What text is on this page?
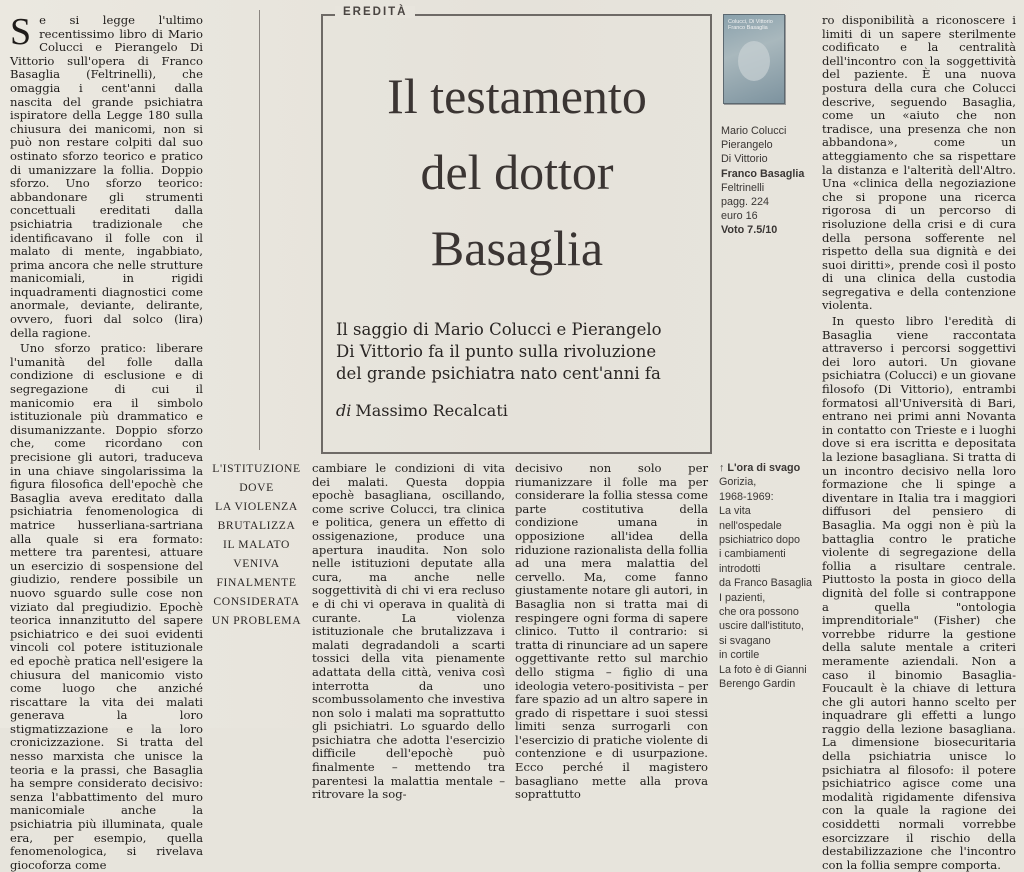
Se si legge l'ultimo recentissimo libro di Mario Colucci e Pierangelo Di Vittorio sull'opera di Franco Basaglia (Feltrinelli), che omaggia i cent'anni dalla nascita del grande psichiatra ispiratore della Legge 180 sulla chiusura dei manicomi, non si può non restare colpiti dal suo ostinato sforzo teorico e pratico di umanizzare la follia. Doppio sforzo. Uno sforzo teorico: abbandonare gli strumenti concettuali ereditati dalla psichiatria tradizionale che identificavano il folle con il malato di mente, ingabbiato, prima ancora che nelle strutture manicomiali, in rigidi inquadramenti diagnostici come anormale, deviante, delirante, ovvero, fuori dal solco (lira) della ragione.

Uno sforzo pratico: liberare l'umanità del folle dalla condizione di esclusione e di segregazione di cui il manicomio era il simbolo istituzionale più drammatico e disumanizzante. Doppio sforzo che, come ricordano con precisione gli autori, traduceva in una chiave singolarissima la figura filosofica dell'epochè che Basaglia aveva ereditato dalla psichiatria fenomenologica di matrice husserliana-sartriana alla quale si era formato: mettere tra parentesi, attuare un esercizio di sospensione del giudizio, rendere possibile un nuovo sguardo sulle cose non viziato dal pregiudizio. Epochè teorica innanzitutto del sapere psichiatrico e dei suoi evidenti vincoli col potere istituzionale ed epochè pratica nell'esigere la chiusura del manicomio visto come luogo che anziché riscattare la vita dei malati generava la loro stigmatizzazione e la loro cronicizzazione. Si tratta del nesso marxista che unisce la teoria e la prassi, che Basaglia ha sempre considerato decisivo: senza l'abbattimento del muro manicomiale anche la psichiatria più illuminata, quale era, per esempio, quella fenomenologica, si rivelava giocoforza come

EREDITÀ
Il testamento
del dottor
Basaglia
Il saggio di Mario Colucci e Pierangelo
Di Vittorio fa il punto sulla rivoluzione
del grande psichiatra nato cent'anni fa
di Massimo Recalcati
Colucci, Di Vittorio
Franco Basaglia
Mario Colucci
Pierangelo
Di Vittorio
Franco Basaglia
Feltrinelli
pagg. 224
euro 16
Voto 7.5/10
L'ISTITUZIONE
DOVE
LA VIOLENZA
BRUTALIZZA
IL MALATO
VENIVA
FINALMENTE
CONSIDERATA
UN PROBLEMA

cambiare le condizioni di vita dei malati. Questa doppia epochè basagliana, oscillando, come scrive Colucci, tra clinica e politica, genera un effetto di ossigenazione, produce una apertura inaudita. Non solo nelle istituzioni deputate alla cura, ma anche nelle soggettività di chi vi era recluso e di chi vi operava in qualità di curante. La violenza istituzionale che brutalizzava i malati degradandoli a scarti tossici della vita pienamente adattata della città, veniva così interrotta da uno scombussolamento che investiva non solo i malati ma soprattutto gli psichiatri. Lo sguardo dello psichiatra che adotta l'esercizio difficile dell'epochè può finalmente – mettendo tra parentesi la malattia mentale – ritrovare la sog-

decisivo non solo per riumanizzare il folle ma per considerare la follia stessa come parte costitutiva della condizione umana in opposizione all'idea della riduzione razionalista della follia ad una mera malattia del cervello. Ma, come fanno giustamente notare gli autori, in Basaglia non si tratta mai di respingere ogni forma di sapere clinico. Tutto il contrario: si tratta di rinunciare ad un sapere oggettivante retto sul marchio dello stigma – figlio di una ideologia vetero-positivista – per fare spazio ad un altro sapere in grado di rispettare i suoi stessi limiti senza surrogarli con l'esercizio di pratiche violente di contenzione e di usurpazione. Ecco perché il magistero basagliano mette alla prova soprattutto

↑ L'ora di svago
Gorizia,
1968-1969:
La vita
nell'ospedale
psichiatrico dopo
i cambiamenti
introdotti
da Franco Basaglia
I pazienti,
che ora possono
uscire dall'istituto,
si svagano
in cortile
La foto è di Gianni
Berengo Gardin

ro disponibilità a riconoscere i limiti di un sapere sterilmente codificato e la centralità dell'incontro con la soggettività del paziente. È una nuova postura della cura che Colucci descrive, seguendo Basaglia, come un «aiuto che non tradisce, una presenza che non abbandona», come un atteggiamento che sa rispettare la distanza e l'alterità dell'Altro. Una «clinica della negoziazione che si propone una ricerca rigorosa di un percorso di risoluzione della crisi e di cura della persona sofferente nel rispetto della sua dignità e dei suoi diritti», prende così il posto di una clinica della custodia segregativa e della contenzione violenta.

In questo libro l'eredità di Basaglia viene raccontata attraverso i percorsi soggettivi dei loro autori. Un giovane psichiatra (Colucci) e un giovane filosofo (Di Vittorio), entrambi formatosi all'Università di Bari, entrano nei primi anni Novanta in contatto con Trieste e i luoghi dove si era iscritta e depositata la lezione basagliana. Si tratta di un incontro decisivo nella loro formazione che li spinge a diventare in Italia tra i maggiori diffusori del pensiero di Basaglia. Ma oggi non è più la battaglia contro le pratiche violente di segregazione della follia a risultare centrale. Piuttosto la posta in gioco della dignità del folle si contrappone a quella "ontologia imprenditoriale" (Fisher) che vorrebbe ridurre la gestione della salute mentale a criteri meramente aziendali. Non a caso il binomio Basaglia-Foucault è la chiave di lettura che gli autori hanno scelto per inquadrare gli effetti a lungo raggio della lezione basagliana. La dimensione biosecuritaria della psichiatria unisce lo psichiatra al filosofo: il potere psichiatrico agisce come una modalità rigidamente difensiva con la quale la ragione dei cosiddetti normali vorrebbe esorcizzare il rischio della destabilizzazione che l'incontro con la follia sempre comporta.
